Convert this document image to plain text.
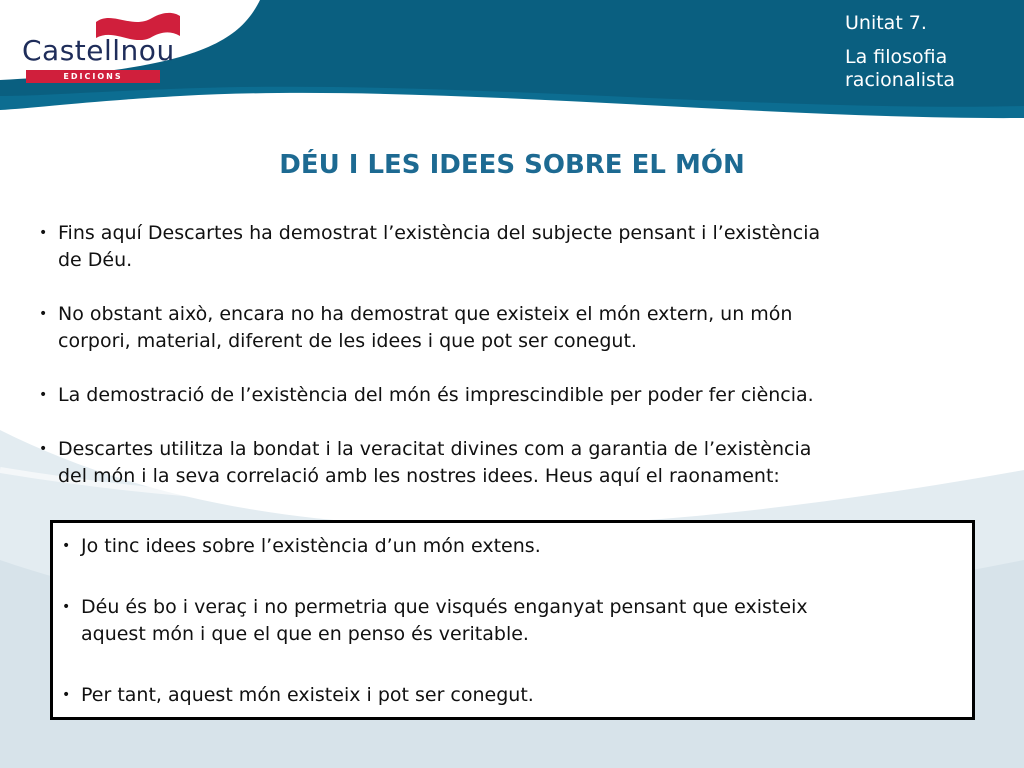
Castellnou
EDICIONS
Unitat 7.
La filosofia
racionalista
DÉU I LES IDEES SOBRE EL MÓN
• Fins aquí Descartes ha demostrat l’existència del subjecte pensant i l’existència
de Déu.
• No obstant això, encara no ha demostrat que existeix el món extern, un món
corpori, material, diferent de les idees i que pot ser conegut.
• La demostració de l’existència del món és imprescindible per poder fer ciència.
• Descartes utilitza la bondat i la veracitat divines com a garantia de l’existència
del món i la seva correlació amb les nostres idees. Heus aquí el raonament:
• Jo tinc idees sobre l’existència d’un món extens.
• Déu és bo i veraç i no permetria que visqués enganyat pensant que existeix
aquest món i que el que en penso és veritable.
• Per tant, aquest món existeix i pot ser conegut.
